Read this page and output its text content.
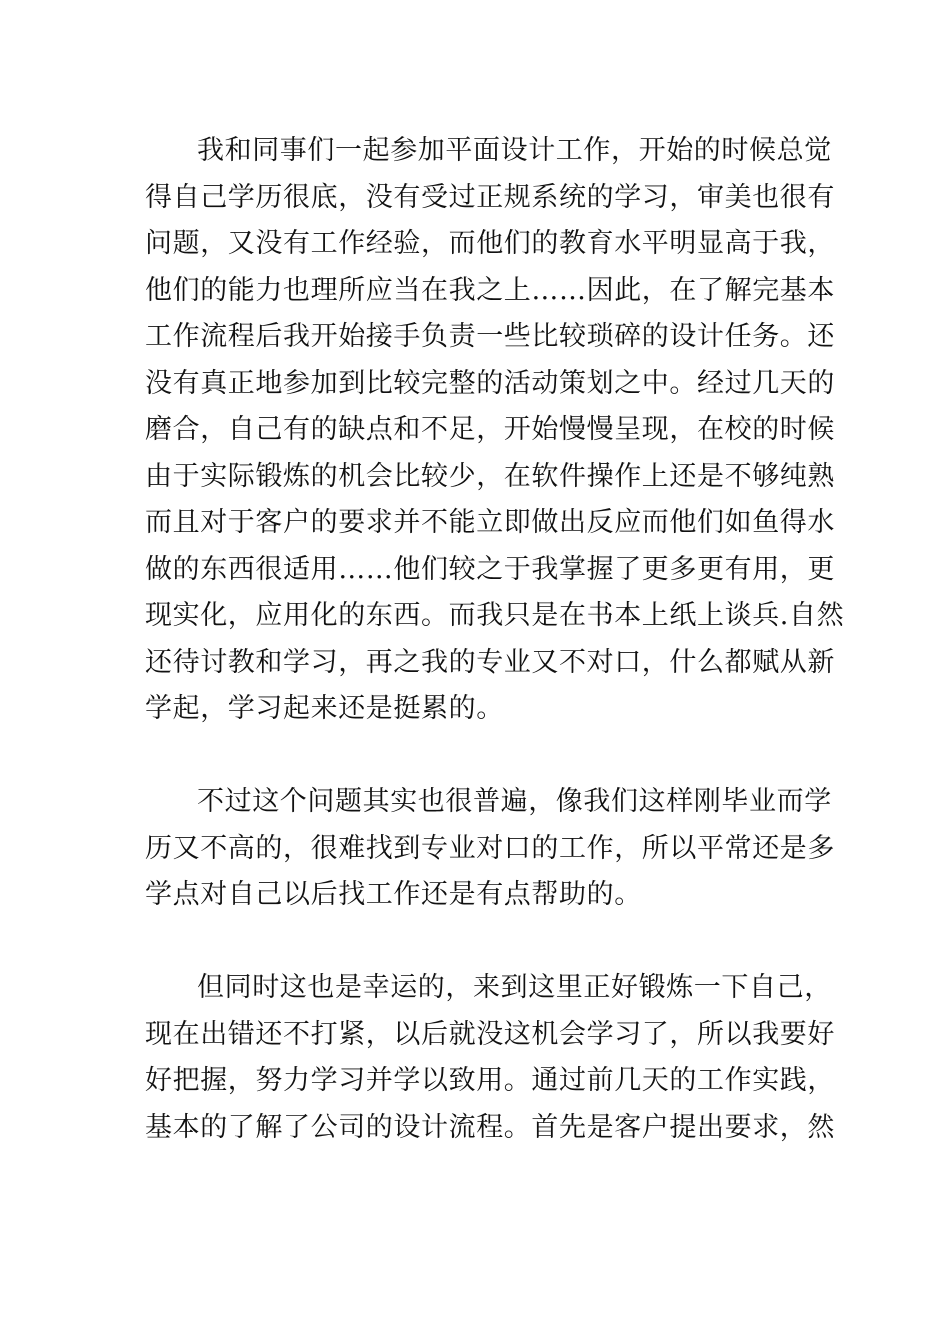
我和同事们一起参加平面设计工作，开始的时候总觉
得自己学历很底，没有受过正规系统的学习，审美也很有
问题，又没有工作经验，而他们的教育水平明显高于我，
他们的能力也理所应当在我之上……因此，在了解完基本
工作流程后我开始接手负责一些比较琐碎的设计任务。还
没有真正地参加到比较完整的活动策划之中。经过几天的
磨合，自己有的缺点和不足，开始慢慢呈现，在校的时候
由于实际锻炼的机会比较少，在软件操作上还是不够纯熟
而且对于客户的要求并不能立即做出反应而他们如鱼得水
做的东西很适用……他们较之于我掌握了更多更有用，更
现实化，应用化的东西。而我只是在书本上纸上谈兵.自然
还待讨教和学习，再之我的专业又不对口，什么都赋从新
学起，学习起来还是挺累的。
不过这个问题其实也很普遍，像我们这样刚毕业而学
历又不高的，很难找到专业对口的工作，所以平常还是多
学点对自己以后找工作还是有点帮助的。
但同时这也是幸运的，来到这里正好锻炼一下自己，
现在出错还不打紧，以后就没这机会学习了，所以我要好
好把握，努力学习并学以致用。通过前几天的工作实践，
基本的了解了公司的设计流程。首先是客户提出要求，然
